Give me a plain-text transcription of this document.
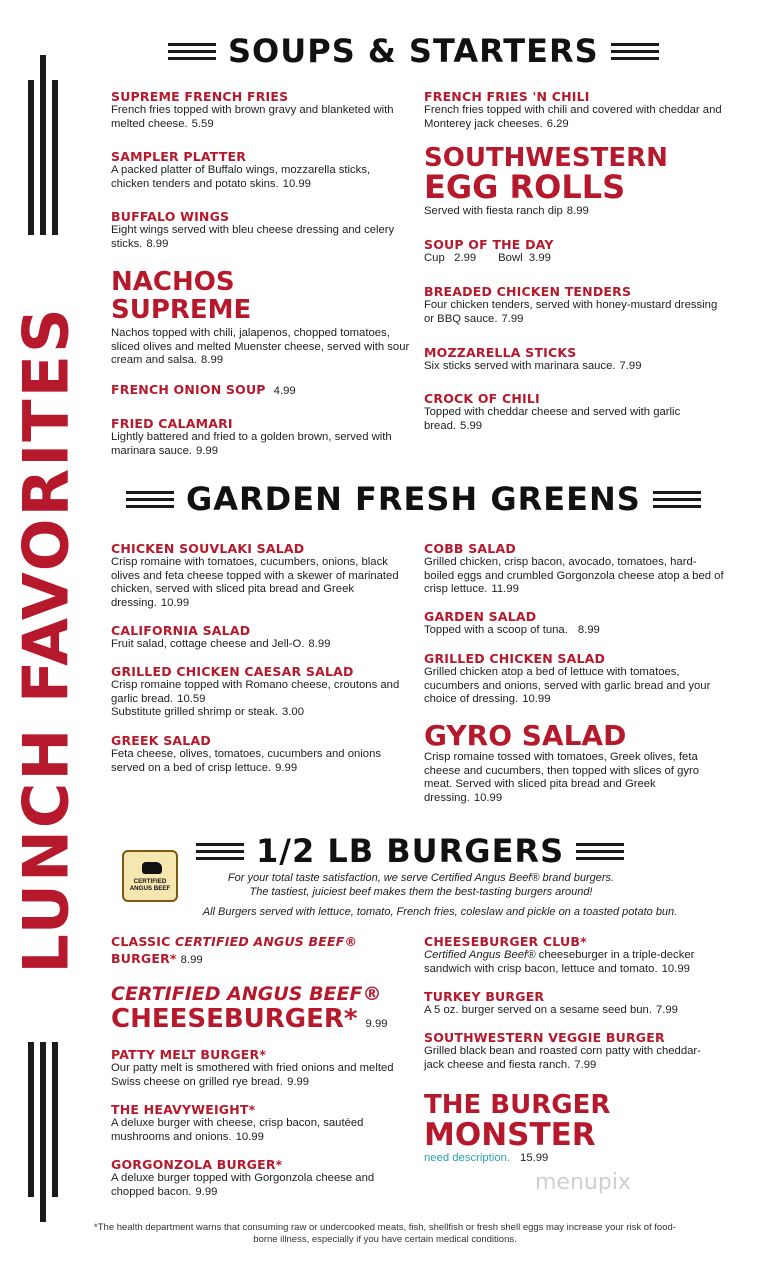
LUNCH FAVORITES
SOUPS & STARTERS
SUPREME FRENCH FRIES
French fries topped with brown gravy and blanketed with melted cheese. 5.59
SAMPLER PLATTER
A packed platter of Buffalo wings, mozzarella sticks, chicken tenders and potato skins. 10.99
BUFFALO WINGS
Eight wings served with bleu cheese dressing and celery sticks. 8.99
NACHOS
SUPREME
Nachos topped with chili, jalapenos, chopped tomatoes, sliced olives and melted Muenster cheese, served with sour cream and salsa. 8.99
FRENCH ONION SOUP 4.99
FRIED CALAMARI
Lightly battered and fried to a golden brown, served with marinara sauce. 9.99
FRENCH FRIES 'N CHILI
French fries topped with chili and covered with cheddar and Monterey jack cheeses. 6.29
SOUTHWESTERN
EGG ROLLS
Served with fiesta ranch dip 8.99
SOUP OF THE DAY
Cup 2.99 Bowl 3.99
BREADED CHICKEN TENDERS
Four chicken tenders, served with honey-mustard dressing or BBQ sauce. 7.99
MOZZARELLA STICKS
Six sticks served with marinara sauce. 7.99
CROCK OF CHILI
Topped with cheddar cheese and served with garlic bread. 5.99
GARDEN FRESH GREENS
CHICKEN SOUVLAKI SALAD
Crisp romaine with tomatoes, cucumbers, onions, black olives and feta cheese topped with a skewer of marinated chicken, served with sliced pita bread and Greek dressing. 10.99
CALIFORNIA SALAD
Fruit salad, cottage cheese and Jell-O. 8.99
GRILLED CHICKEN CAESAR SALAD
Crisp romaine topped with Romano cheese, croutons and garlic bread. 10.59
Substitute grilled shrimp or steak. 3.00
GREEK SALAD
Feta cheese, olives, tomatoes, cucumbers and onions served on a bed of crisp lettuce. 9.99
COBB SALAD
Grilled chicken, crisp bacon, avocado, tomatoes, hard-boiled eggs and crumbled Gorgonzola cheese atop a bed of crisp lettuce. 11.99
GARDEN SALAD
Topped with a scoop of tuna. 8.99
GRILLED CHICKEN SALAD
Grilled chicken atop a bed of lettuce with tomatoes, cucumbers and onions, served with garlic bread and your choice of dressing. 10.99
GYRO SALAD
Crisp romaine tossed with tomatoes, Greek olives, feta cheese and cucumbers, then topped with slices of gyro meat. Served with sliced pita bread and Greek dressing. 10.99
1/2 LB BURGERS
CERTIFIED ANGUS BEEF
For your total taste satisfaction, we serve Certified Angus Beef® brand burgers.
The tastiest, juiciest beef makes them the best-tasting burgers around!
All Burgers served with lettuce, tomato, French fries, coleslaw and pickle on a toasted potato bun.
CLASSIC CERTIFIED ANGUS BEEF®
BURGER* 8.99
CERTIFIED ANGUS BEEF®
CHEESEBURGER* 9.99
PATTY MELT BURGER*
Our patty melt is smothered with fried onions and melted Swiss cheese on grilled rye bread. 9.99
THE HEAVYWEIGHT*
A deluxe burger with cheese, crisp bacon, sautéed mushrooms and onions. 10.99
GORGONZOLA BURGER*
A deluxe burger topped with Gorgonzola cheese and chopped bacon. 9.99
CHEESEBURGER CLUB*
Certified Angus Beef® cheeseburger in a triple-decker sandwich with crisp bacon, lettuce and tomato. 10.99
TURKEY BURGER
A 5 oz. burger served on a sesame seed bun. 7.99
SOUTHWESTERN VEGGIE BURGER
Grilled black bean and roasted corn patty with cheddar- jack cheese and fiesta ranch. 7.99
THE BURGER
MONSTER
need description. 15.99
menupix
*The health department warns that consuming raw or undercooked meats, fish, shellfish or fresh shell eggs may increase your risk of food-borne illness, especially if you have certain medical conditions.
